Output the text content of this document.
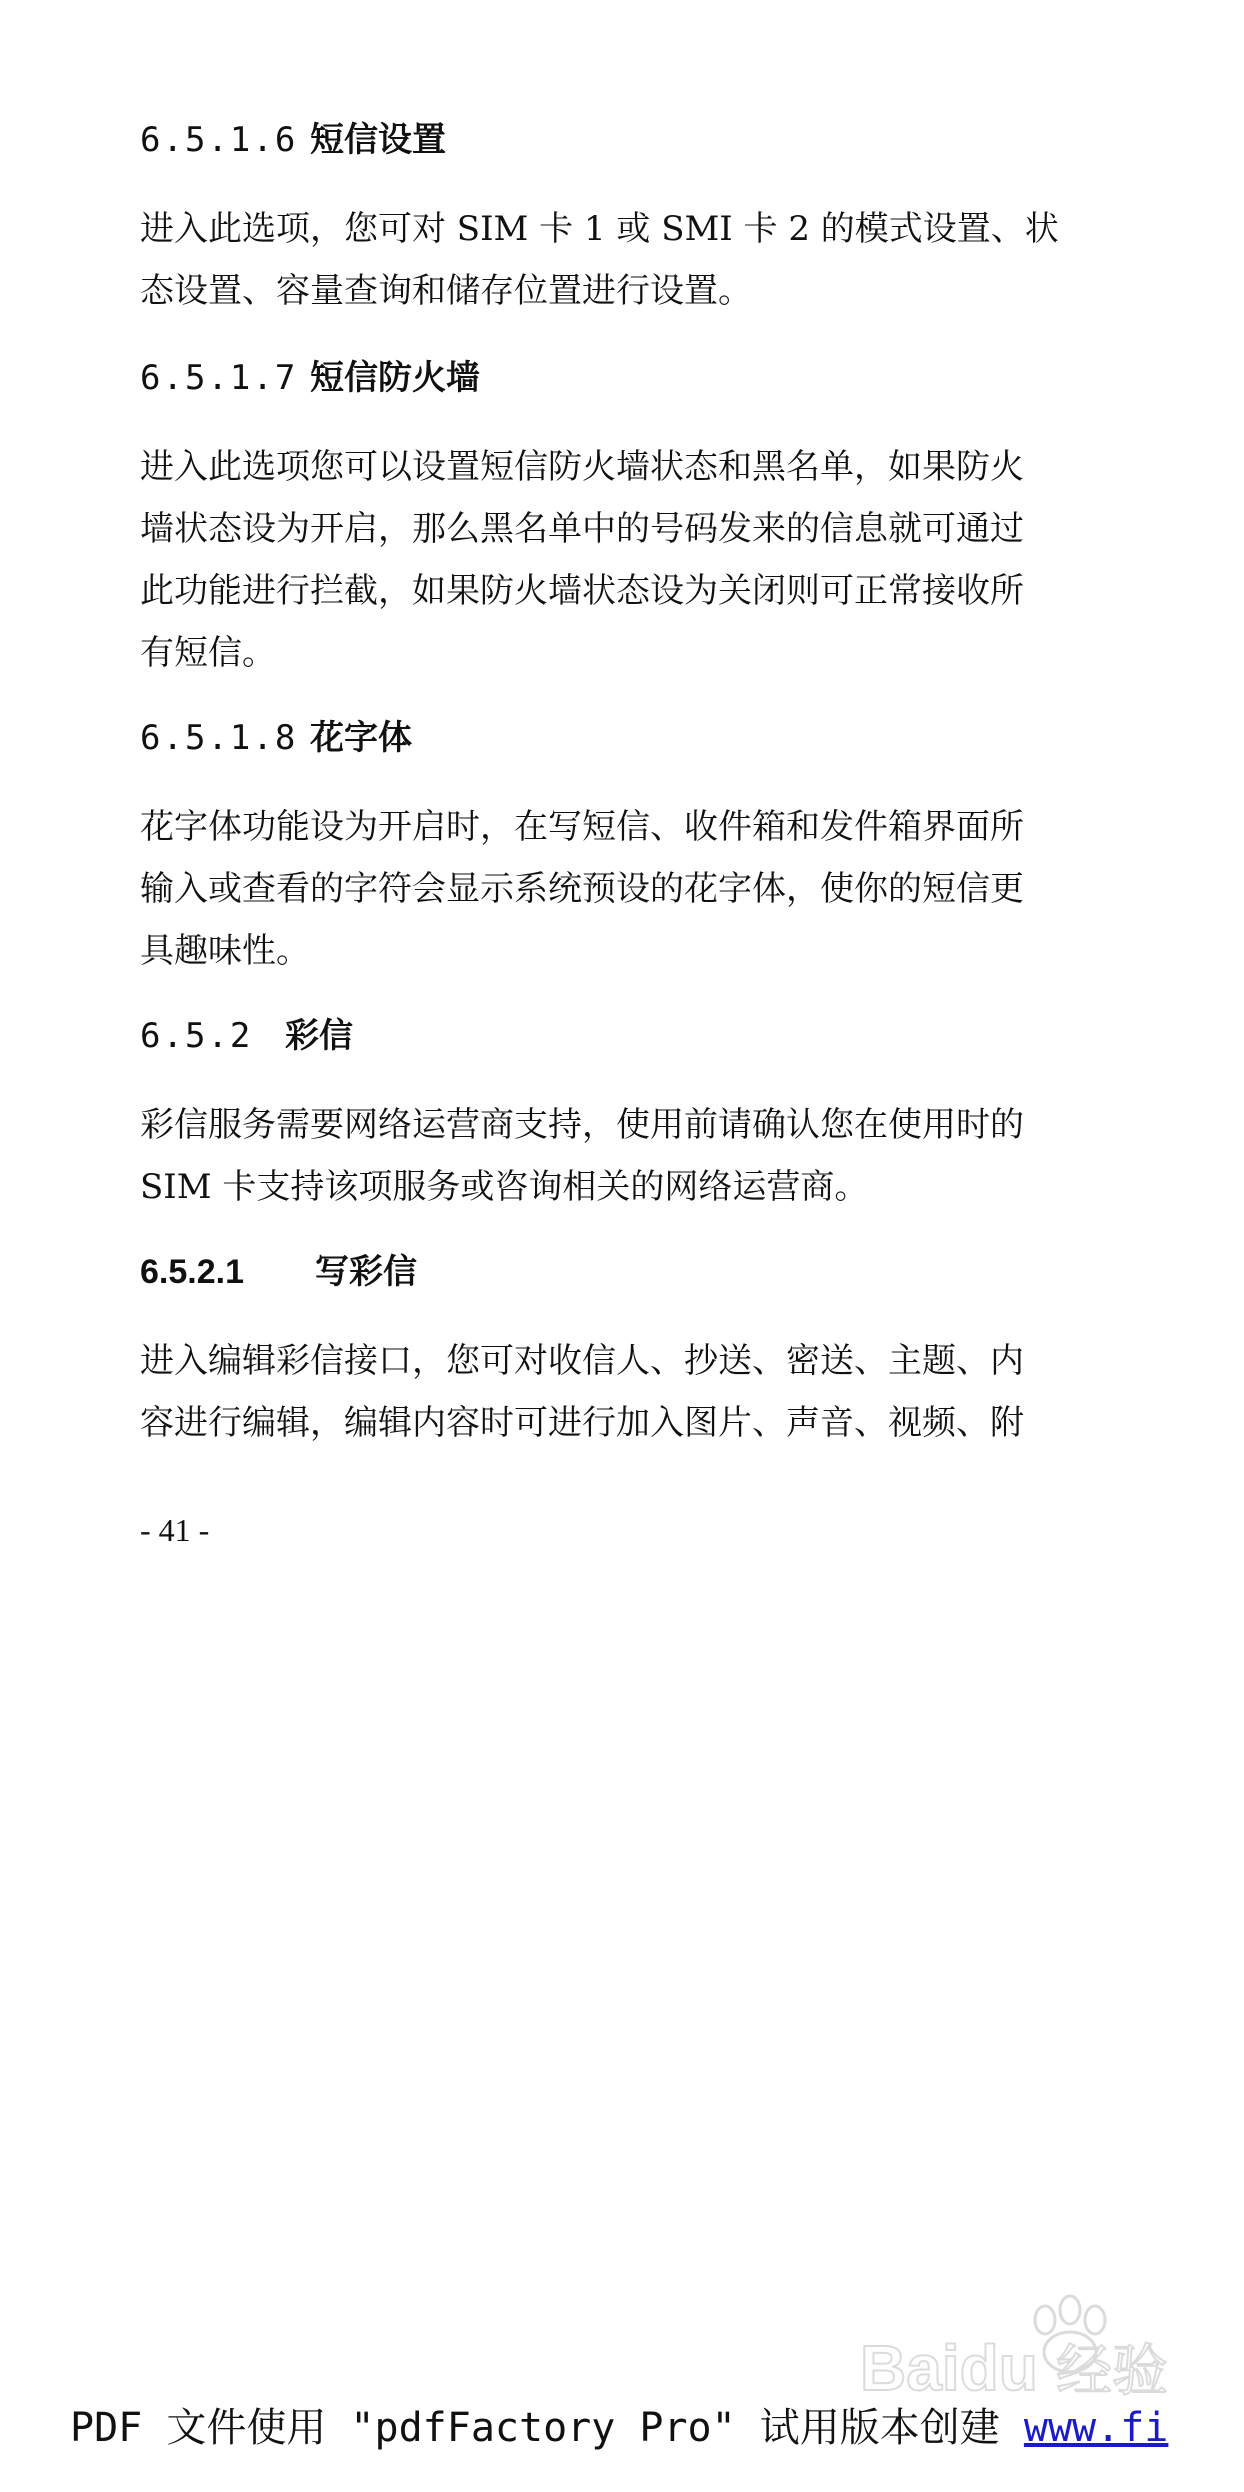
6.5.1.6 短信设置
进入此选项，您可对 SIM 卡 1 或 SMI 卡 2 的模式设置、状
态设置、容量查询和储存位置进行设置。
6.5.1.7 短信防火墙
进入此选项您可以设置短信防火墙状态和黑名单，如果防火
墙状态设为开启，那么黑名单中的号码发来的信息就可通过
此功能进行拦截，如果防火墙状态设为关闭则可正常接收所
有短信。
6.5.1.8 花字体
花字体功能设为开启时，在写短信、收件箱和发件箱界面所
输入或查看的字符会显示系统预设的花字体，使你的短信更
具趣味性。
6.5.2 彩信
彩信服务需要网络运营商支持，使用前请确认您在使用时的
SIM 卡支持该项服务或咨询相关的网络运营商。
6.5.2.1 写彩信
进入编辑彩信接口，您可对收信人、抄送、密送、主题、内
容进行编辑，编辑内容时可进行加入图片、声音、视频、附
- 41 -
Baidu 经验
PDF 文件使用 "pdfFactory Pro" 试用版本创建 www.fi
